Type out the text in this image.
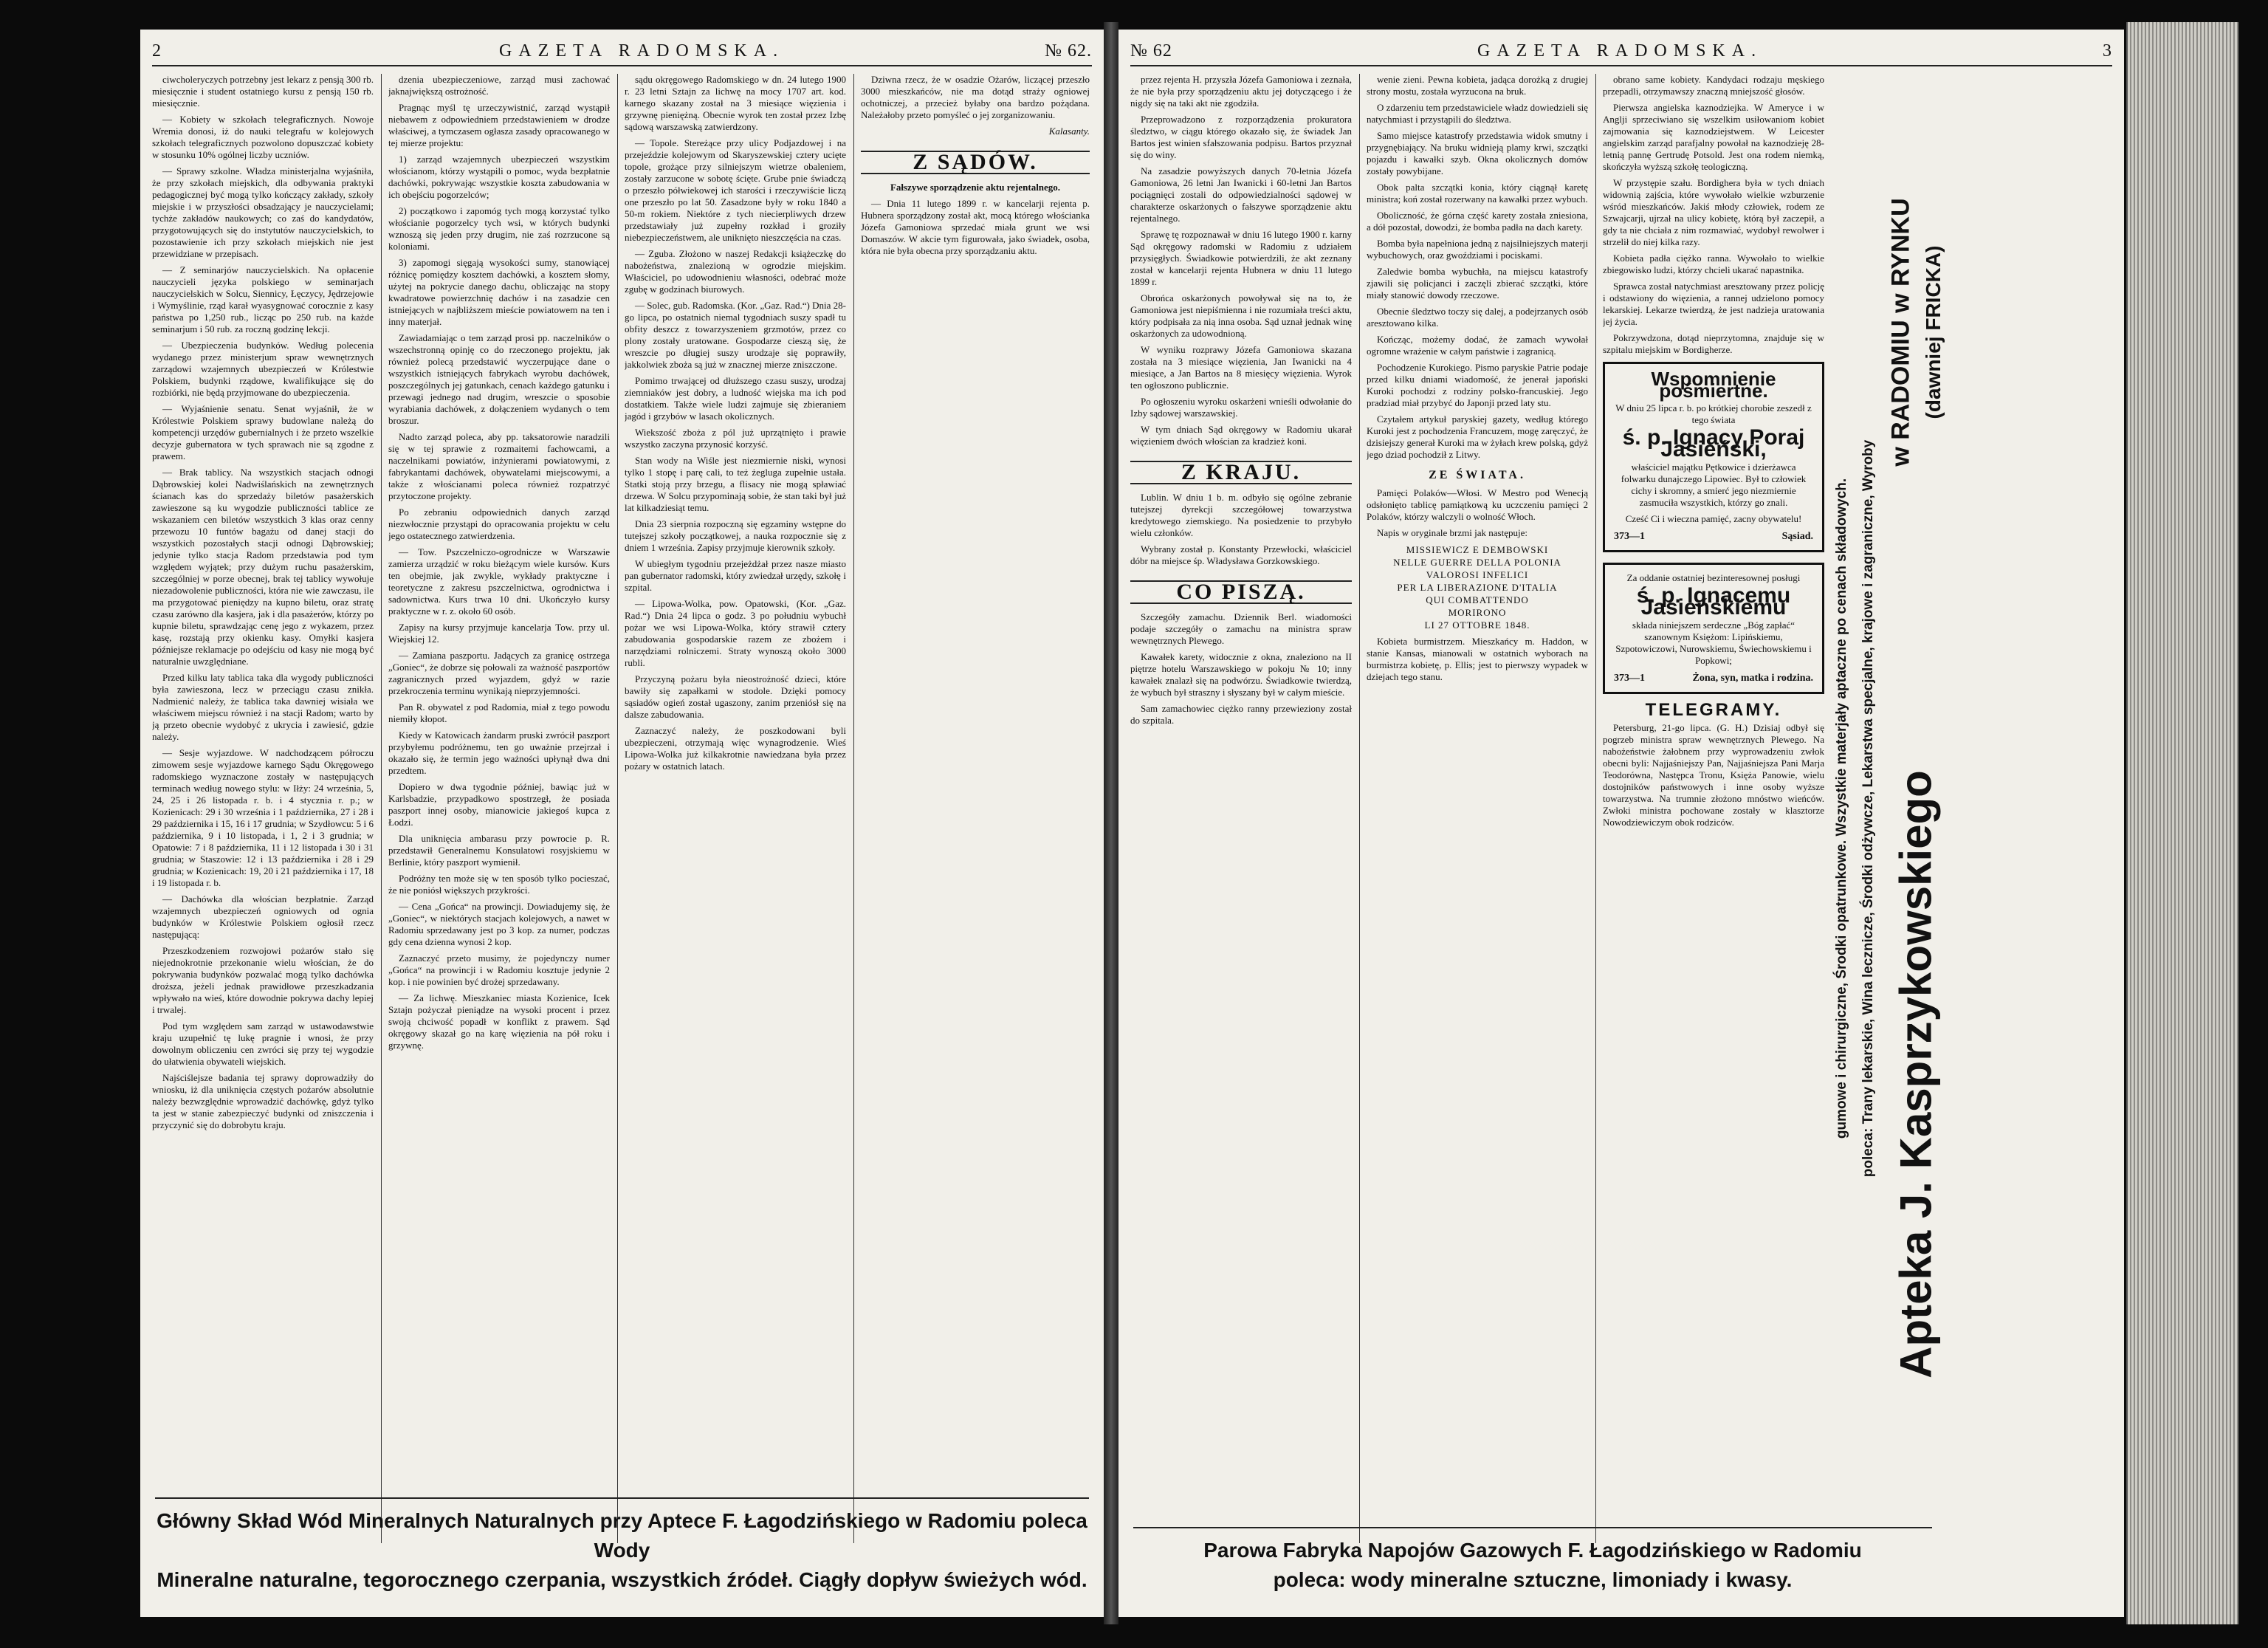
2	GAZETA RADOMSKA.	№ 62.

ciwcholeryczych potrzebny jest lekarz z pensją 300 rb. miesięcznie i student ostatniego kursu z pensją 150 rb. miesięcznie.

— Kobiety w szkołach telegraficznych. Nowoje Wremia donosi, iż do nauki telegrafu w kolejowych szkołach telegraficznych pozwolono dopuszczać kobiety w stosunku 10% ogólnej liczby uczniów.

— Sprawy szkolne. Władza ministerjalna wyjaśniła, że przy szkołach miejskich, dla odbywania praktyki pedagogicznej być mogą tylko kończący zakłady, szkoły miejskie i w przyszłości obsadzający je nauczycielami; tychże zakładów naukowych; co zaś do kandydatów, przygotowujących się do instytutów nauczycielskich, to pozostawienie ich przy szkołach miejskich nie jest przewidziane w przepisach.

— Z seminarjów nauczycielskich. Na opłacenie nauczycieli języka polskiego w seminarjach nauczycielskich w Solcu, Siennicy, Łęczycy, Jędrzejowie i Wymyślinie, rząd karał wyasygnować corocznie z kasy państwa po 1,250 rub., licząc po 250 rub. na każde seminarjum i 50 rub. za roczną godzinę lekcji.

— Ubezpieczenia budynków. Według polecenia wydanego przez ministerjum spraw wewnętrznych zarządowi wzajemnych ubezpieczeń w Królestwie Polskiem, budynki rządowe, kwalifikujące się do rozbiórki, nie będą przyjmowane do ubezpieczenia.

— Wyjaśnienie senatu. Senat wyjaśnił, że w Królestwie Polskiem sprawy budowlane należą do kompetencji urzędów gubernialnych i że przeto wszelkie decyzje gubernatora w tych sprawach nie są zgodne z prawem.

— Brak tablicy. Na wszystkich stacjach odnogi Dąbrowskiej kolei Nadwiślańskich na zewnętrznych ścianach kas do sprzedaży biletów pasażerskich zawieszone są ku wygodzie publiczności tablice ze wskazaniem cen biletów wszystkich 3 klas oraz cenny przewozu 10 funtów bagażu od danej stacji do wszystkich pozostałych stacji odnogi Dąbrowskiej; jedynie tylko stacja Radom przedstawia pod tym względem wyjątek; przy dużym ruchu pasażerskim, szczególniej w porze obecnej, brak tej tablicy wywołuje niezadowolenie publiczności, która nie wie zawczasu, ile ma przygotować pieniędzy na kupno biletu, oraz stratę czasu zarówno dla kasjera, jak i dla pasażerów, którzy po kupnie biletu, sprawdzając cenę jego z wykazem, przez kasę, rozstają przy okienku kasy. Omyłki kasjera późniejsze reklamacje po odejściu od kasy nie mogą być naturalnie uwzględniane.

Przed kilku laty tablica taka dla wygody publiczności była zawieszona, lecz w przeciągu czasu znikła. Nadmienić należy, że tablica taka dawniej wisiała we właściwem miejscu również i na stacji Radom; warto by ją przeto obecnie wydobyć z ukrycia i zawiesić, gdzie należy.

— Sesje wyjazdowe. W nadchodzącem półroczu zimowem sesje wyjazdowe karnego Sądu Okręgowego radomskiego wyznaczone zostały w następujących terminach według nowego stylu: w Iłży: 24 września, 5, 24, 25 i 26 listopada r. b. i 4 stycznia r. p.; w Kozienicach: 29 i 30 września i 1 października, 27 i 28 i 29 października i 15, 16 i 17 grudnia; w Szydłowcu: 5 i 6 października, 9 i 10 listopada, i 1, 2 i 3 grudnia; w Opatowie: 7 i 8 października, 11 i 12 listopada i 30 i 31 grudnia; w Staszowie: 12 i 13 października i 28 i 29 grudnia; w Kozienicach: 19, 20 i 21 października i 17, 18 i 19 listopada r. b.

— Dachówka dla włościan bezpłatnie. Zarząd wzajemnych ubezpieczeń ogniowych od ognia budynków w Królestwie Polskiem ogłosił rzecz następującą:

Przeszkodzeniem rozwojowi pożarów stało się niejednokrotnie przekonanie wielu włościan, że do pokrywania budynków pozwalać mogą tylko dachówka droższa, jeżeli jednak prawidłowe przeszkadzania wpływało na wieś, które dowodnie pokrywa dachy lepiej i trwalej.

Pod tym względem sam zarząd w ustawodawstwie kraju uzupełnić tę lukę pragnie i wnosi, że przy dowolnym obliczeniu cen zwróci się przy tej wygodzie do ułatwienia obywateli wiejskich.

Najściślejsze badania tej sprawy doprowadziły do wniosku, iż dla uniknięcia częstych pożarów absolutnie należy bezwzględnie wprowadzić dachówkę, gdyż tylko ta jest w stanie zabezpieczyć budynki od zniszczenia i przyczynić się do dobrobytu kraju.

dzenia ubezpieczeniowe, zarząd musi zachować jaknajwiększą ostrożność.

Pragnąc myśl tę urzeczywistnić, zarząd wystąpił niebawem z odpowiedniem przedstawieniem w drodze właściwej, a tymczasem ogłasza zasady opracowanego w tej mierze projektu:

1) zarząd wzajemnych ubezpieczeń wszystkim włościanom, którzy wystąpili o pomoc, wyda bezpłatnie dachówki, pokrywając wszystkie koszta zabudowania w ich obejściu pogorzelców;

2) początkowo i zapomóg tych mogą korzystać tylko włościanie pogorzelcy tych wsi, w których budynki wznoszą się jeden przy drugim, nie zaś rozrzucone są koloniami.

3) zapomogi sięgają wysokości sumy, stanowiącej różnicę pomiędzy kosztem dachówki, a kosztem słomy, użytej na pokrycie danego dachu, obliczając na stopy kwadratowe powierzchnię dachów i na zasadzie cen istniejących w najbliższem mieście powiatowem na ten i inny materjał.

Zawiadamiając o tem zarząd prosi pp. naczelników o wszechstronną opinję co do rzeczonego projektu, jak również polecą przedstawić wyczerpujące dane o wszystkich istniejących fabrykach wyrobu dachówek, poszczególnych jej gatunkach, cenach każdego gatunku i przewagi jednego nad drugim, wreszcie o sposobie wyrabiania dachówek, z dołączeniem wydanych o tem broszur.

Nadto zarząd poleca, aby pp. taksatorowie naradzili się w tej sprawie z rozmaitemi fachowcami, a naczelnikami powiatów, inżynierami powiatowymi, z fabrykantami dachówek, obywatelami miejscowymi, a także z włościanami poleca również rozpatrzyć przytoczone projekty.

Po zebraniu odpowiednich danych zarząd niezwłocznie przystąpi do opracowania projektu w celu jego ostatecznego zatwierdzenia.

— Tow. Pszczelniczo-ogrodnicze w Warszawie zamierza urządzić w roku bieżącym wiele kursów. Kurs ten obejmie, jak zwykle, wykłady praktyczne i teoretyczne z zakresu pszczelnictwa, ogrodnictwa i sadownictwa. Kurs trwa 10 dni. Ukończyło kursy praktyczne w r. z. około 60 osób.

Zapisy na kursy przyjmuje kancelarja Tow. przy ul. Wiejskiej 12.

— Zamiana paszportu. Jadących za granicę ostrzega „Goniec“, że dobrze się połowali za ważność paszportów zagranicznych przed wyjazdem, gdyż w razie przekroczenia terminu wynikają nieprzyjemności.

Pan R. obywatel z pod Radomia, miał z tego powodu niemiły kłopot.

Kiedy w Katowicach żandarm pruski zwrócił paszport przybyłemu podróżnemu, ten go uważnie przejrzał i okazało się, że termin jego ważności upłynął dwa dni przedtem.

Dopiero w dwa tygodnie później, bawiąc już w Karlsbadzie, przypadkowo spostrzegł, że posiada paszport innej osoby, mianowicie jakiegoś kupca z Łodzi.

Dla uniknięcia ambarasu przy powrocie p. R. przedstawił Generalnemu Konsulatowi rosyjskiemu w Berlinie, który paszport wymienił.

Podróżny ten może się w ten sposób tylko pocieszać, że nie poniósł większych przykrości.

— Cena „Gońca“ na prowincji. Dowiadujemy się, że „Goniec“, w niektórych stacjach kolejowych, a nawet w Radomiu sprzedawany jest po 3 kop. za numer, podczas gdy cena dzienna wynosi 2 kop.

Zaznaczyć przeto musimy, że pojedynczy numer „Gońca“ na prowincji i w Radomiu kosztuje jedynie 2 kop. i nie powinien być drożej sprzedawany.

— Za lichwę. Mieszkaniec miasta Kozienice, Icek Sztajn pożyczał pieniądze na wysoki procent i przez swoją chciwość popadł w konflikt z prawem. Sąd okręgowy skazał go na karę więzienia na pół roku i grzywnę.

sądu okręgowego Radomskiego w dn. 24 lutego 1900 r. 23 letni Sztajn za lichwę na mocy 1707 art. kod. karnego skazany został na 3 miesiące więzienia i grzywnę pieniężną. Obecnie wyrok ten został przez Izbę sądową warszawską zatwierdzony.

— Topole. Stereżące przy ulicy Podjazdowej i na przejeździe kolejowym od Skaryszewskiej cztery ucięte topole, grożące przy silniejszym wietrze obaleniem, zostały zarzucone w sobotę ścięte. Grube pnie świadczą o przeszło półwiekowej ich starości i rzeczywiście liczą one przeszło po lat 50. Zasadzone były w roku 1840 a 50-m rokiem. Niektóre z tych niecierpliwych drzew przedstawiały już zupełny rozkład i groziły niebezpieczeństwem, ale uniknięto nieszczęścia na czas.

— Zguba. Złożono w naszej Redakcji książeczkę do nabożeństwa, znalezioną w ogrodzie miejskim. Właściciel, po udowodnieniu własności, odebrać może zgubę w godzinach biurowych.

— Solec, gub. Radomska. (Kor. „Gaz. Rad.“) Dnia 28-go lipca, po ostatnich niemal tygodniach suszy spadł tu obfity deszcz z towarzyszeniem grzmotów, przez co plony zostały uratowane. Gospodarze cieszą się, że wreszcie po długiej suszy urodzaje się poprawiły, jakkolwiek zboża są już w znacznej mierze zniszczone.

Pomimo trwającej od dłuższego czasu suszy, urodzaj ziemniaków jest dobry, a ludność wiejska ma ich pod dostatkiem. Także wiele ludzi zajmuje się zbieraniem jagód i grzybów w lasach okolicznych.

Wiekszość zboża z pól już uprzątnięto i prawie wszystko zaczyna przynosić korzyść.

Stan wody na Wiśle jest niezmiernie niski, wynosi tylko 1 stopę i parę cali, to też żegluga zupełnie ustała. Statki stoją przy brzegu, a flisacy nie mogą spławiać drzewa. W Solcu przypominają sobie, że stan taki był już lat kilkadziesiąt temu.

Dnia 23 sierpnia rozpoczną się egzaminy wstępne do tutejszej szkoły początkowej, a nauka rozpocznie się z dniem 1 września. Zapisy przyjmuje kierownik szkoły.

W ubiegłym tygodniu przejeżdżał przez nasze miasto pan gubernator radomski, który zwiedzał urzędy, szkołę i szpital.

— Lipowa-Wolka, pow. Opatowski, (Kor. „Gaz. Rad.“) Dnia 24 lipca o godz. 3 po południu wybuchł pożar we wsi Lipowa-Wolka, który strawił cztery zabudowania gospodarskie razem ze zbożem i narzędziami rolniczemi. Straty wynoszą około 3000 rubli.

Przyczyną pożaru była nieostrożność dzieci, które bawiły się zapałkami w stodole. Dzięki pomocy sąsiadów ogień został ugaszony, zanim przeniósł się na dalsze zabudowania.

Zaznaczyć należy, że poszkodowani byli ubezpieczeni, otrzymają więc wynagrodzenie. Wieś Lipowa-Wolka już kilkakrotnie nawiedzana była przez pożary w ostatnich latach.

Dziwna rzecz, że w osadzie Ożarów, liczącej przeszło 3000 mieszkańców, nie ma dotąd straży ogniowej ochotniczej, a przecież byłaby ona bardzo pożądana. Należałoby przeto pomyśleć o jej zorganizowaniu.

Kalasanty.

Z SĄDÓW.

Fałszywe sporządzenie aktu rejentalnego.

— Dnia 11 lutego 1899 r. w kancelarji rejenta p. Hubnera sporządzony został akt, mocą którego włościanka Józefa Gamoniowa sprzedać miała grunt we wsi Domaszów. W akcie tym figurowała, jako świadek, osoba, która nie była obecna przy sporządzaniu aktu.

Główny Skład Wód Mineralnych Naturalnych przy Aptece F. Łagodzińskiego w Radomiu poleca Wody
Mineralne naturalne, tegorocznego czerpania, wszystkich źródeł. Ciągły dopływ świeżych wód.
№ 62	GAZETA RADOMSKA.	3

przez rejenta H. przyszła Józefa Gamoniowa i zeznała, że nie była przy sporządzeniu aktu jej dotyczącego i że nigdy się na taki akt nie zgodziła.

Przeprowadzono z rozporządzenia prokuratora śledztwo, w ciągu którego okazało się, że świadek Jan Bartos jest winien sfałszowania podpisu. Bartos przyznał się do winy.

Na zasadzie powyższych danych 70-letnia Józefa Gamoniowa, 26 letni Jan Iwanicki i 60-letni Jan Bartos pociągnięci zostali do odpowiedzialności sądowej w charakterze oskarżonych o fałszywe sporządzenie aktu rejentalnego.

Sprawę tę rozpoznawał w dniu 16 lutego 1900 r. karny Sąd okręgowy radomski w Radomiu z udziałem przysięgłych. Świadkowie potwierdzili, że akt zeznany został w kancelarji rejenta Hubnera w dniu 11 lutego 1899 r.

Obrońca oskarżonych powoływał się na to, że Gamoniowa jest niepiśmienna i nie rozumiała treści aktu, który podpisała za nią inna osoba. Sąd uznał jednak winę oskarżonych za udowodnioną.

W wyniku rozprawy Józefa Gamoniowa skazana została na 3 miesiące więzienia, Jan Iwanicki na 4 miesiące, a Jan Bartos na 8 miesięcy więzienia. Wyrok ten ogłoszono publicznie.

Po ogłoszeniu wyroku oskarżeni wnieśli odwołanie do Izby sądowej warszawskiej.

W tym dniach Sąd okręgowy w Radomiu ukarał więzieniem dwóch włościan za kradzież koni.

Z KRAJU.

Lublin. W dniu 1 b. m. odbyło się ogólne zebranie tutejszej dyrekcji szczegółowej towarzystwa kredytowego ziemskiego. Na posiedzenie to przybyło wielu członków.

Wybrany został p. Konstanty Przewłocki, właściciel dóbr na miejsce śp. Władysława Gorzkowskiego.

CO PISZĄ.

Szczegóły zamachu. Dziennik Berl. wiadomości podaje szczegóły o zamachu na ministra spraw wewnętrznych Plewego.

Kawałek karety, widocznie z okna, znaleziono na II piętrze hotelu Warszawskiego w pokoju № 10; inny kawałek znalazł się na podwórzu. Świadkowie twierdzą, że wybuch był straszny i słyszany był w całym mieście.

Sam zamachowiec ciężko ranny przewieziony został do szpitala.

wenie zieni. Pewna kobieta, jadąca dorożką z drugiej strony mostu, została wyrzucona na bruk.

O zdarzeniu tem przedstawiciele władz dowiedzieli się natychmiast i przystąpili do śledztwa.

Samo miejsce katastrofy przedstawia widok smutny i przygnębiający. Na bruku widnieją plamy krwi, szczątki pojazdu i kawałki szyb. Okna okolicznych domów zostały powybijane.

Obok palta szczątki konia, który ciągnął karetę ministra; koń został rozerwany na kawałki przez wybuch.

Oboliczność, że górna część karety została zniesiona, a dół pozostał, dowodzi, że bomba padła na dach karety.

Bomba była napełniona jedną z najsilniejszych materji wybuchowych, oraz gwoździami i pociskami.

Zaledwie bomba wybuchła, na miejscu katastrofy zjawili się policjanci i zaczęli zbierać szczątki, które miały stanowić dowody rzeczowe.

Obecnie śledztwo toczy się dalej, a podejrzanych osób aresztowano kilka.

Kończąc, możemy dodać, że zamach wywołał ogromne wrażenie w całym państwie i zagranicą.

Pochodzenie Kurokiego. Pismo paryskie Patrie podaje przed kilku dniami wiadomość, że jenerał japoński Kuroki pochodzi z rodziny polsko-francuskiej. Jego pradziad miał przybyć do Japonji przed laty stu.

Czytałem artykuł paryskiej gazety, według którego Kuroki jest z pochodzenia Francuzem, mogę zaręczyć, że dzisiejszy generał Kuroki ma w żyłach krew polską, gdyż jego dziad pochodził z Litwy.

ZE ŚWIATA.

Pamięci Polaków—Włosi. W Mestro pod Wenecją odsłonięto tablicę pamiątkową ku uczczeniu pamięci 2 Polaków, którzy walczyli o wolność Włoch.

Napis w oryginale brzmi jak następuje:

MISSIEWICZ E DEMBOWSKI
NELLE GUERRE DELLA POLONIA
VALOROSI INFELICI
PER LA LIBERAZIONE D'ITALIA
QUI COMBATTENDO
MORIRONO
LI 27 OTTOBRE 1848.

Kobieta burmistrzem. Mieszkańcy m. Haddon, w stanie Kansas, mianowali w ostatnich wyborach na burmistrza kobietę, p. Ellis; jest to pierwszy wypadek w dziejach tego stanu.

obrano same kobiety. Kandydaci rodzaju męskiego przepadli, otrzymawszy znaczną mniejszość głosów.

Pierwsza angielska kaznodziejka. W Ameryce i w Anglji sprzeciwiano się wszelkim usiłowaniom kobiet zajmowania się kaznodziejstwem. W Leicester angielskim zarząd parafjalny powołał na kaznodzieję 28-letnią pannę Gertrudę Potsold. Jest ona rodem niemką, skończyła wyższą szkołę teologiczną.

W przystępie szału. Bordighera była w tych dniach widownią zajścia, które wywołało wielkie wzburzenie wśród mieszkańców. Jakiś młody człowiek, rodem ze Szwajcarji, ujrzał na ulicy kobietę, którą był zaczepił, a gdy ta nie chciała z nim rozmawiać, wydobył rewolwer i strzelił do niej kilka razy.

Kobieta padła ciężko ranna. Wywołało to wielkie zbiegowisko ludzi, którzy chcieli ukarać napastnika.

Sprawca został natychmiast aresztowany przez policję i odstawiony do więzienia, a rannej udzielono pomocy lekarskiej. Lekarze twierdzą, że jest nadzieja uratowania jej życia.

Pokrzywdzona, dotąd nieprzytomna, znajduje się w szpitalu miejskim w Bordigherze.

Wspomnienie pośmiertne.

W dniu 25 lipca r. b. po krótkiej chorobie zeszedł z tego świata

ś. p. Ignacy Poraj Jasieński,

właściciel majątku Pętkowice i dzierżawca folwarku dunajczego Lipowiec. Był to człowiek cichy i skromny, a smierć jego niezmiernie zasmuciła wszystkich, którzy go znali.

Cześć Ci i wieczna pamięć, zacny obywatelu!

373—1	Sąsiad.

Za oddanie ostatniej bezinteresownej posługi

ś. p. Ignacemu Jasieńskiemu

składa niniejszem serdeczne „Bóg zapłać“ szanownym Księżom: Lipińskiemu, Szpotowiczowi, Nurowskiemu, Świechowskiemu i Popkowi;

373—1	Żona, syn, matka i rodzina.
TELEGRAMY.

Petersburg, 21-go lipca. (G. H.) Dzisiaj odbył się pogrzeb ministra spraw wewnętrznych Plewego. Na nabożeństwie żałobnem przy wyprowadzeniu zwłok obecni byli: Najjaśniejszy Pan, Najjaśniejsza Pani Marja Teodorówna, Następca Tronu, Księża Panowie, wielu dostojników państwowych i inne osoby wyższe towarzystwa. Na trumnie złożono mnóstwo wieńców. Zwłoki ministra pochowane zostały w klasztorze Nowodziewiczym obok rodziców.	gumowe i chirurgiczne, Środki opatrunkowe. Wszystkie materjały aptaczne po cenach składowych. poleca: Trany lekarskie, Wina lecznicze, Środki odżywcze, Lekarstwa specjalne, krajowe i zagraniczne, Wyroby
w RADOMIU w RYNKU (dawniej FRICKA)
Apteka J. Kasprzykowskiego
Parowa Fabryka Napojów Gazowych F. Łagodzińskiego w Radomiu
poleca: wody mineralne sztuczne, limoniady i kwasy.
